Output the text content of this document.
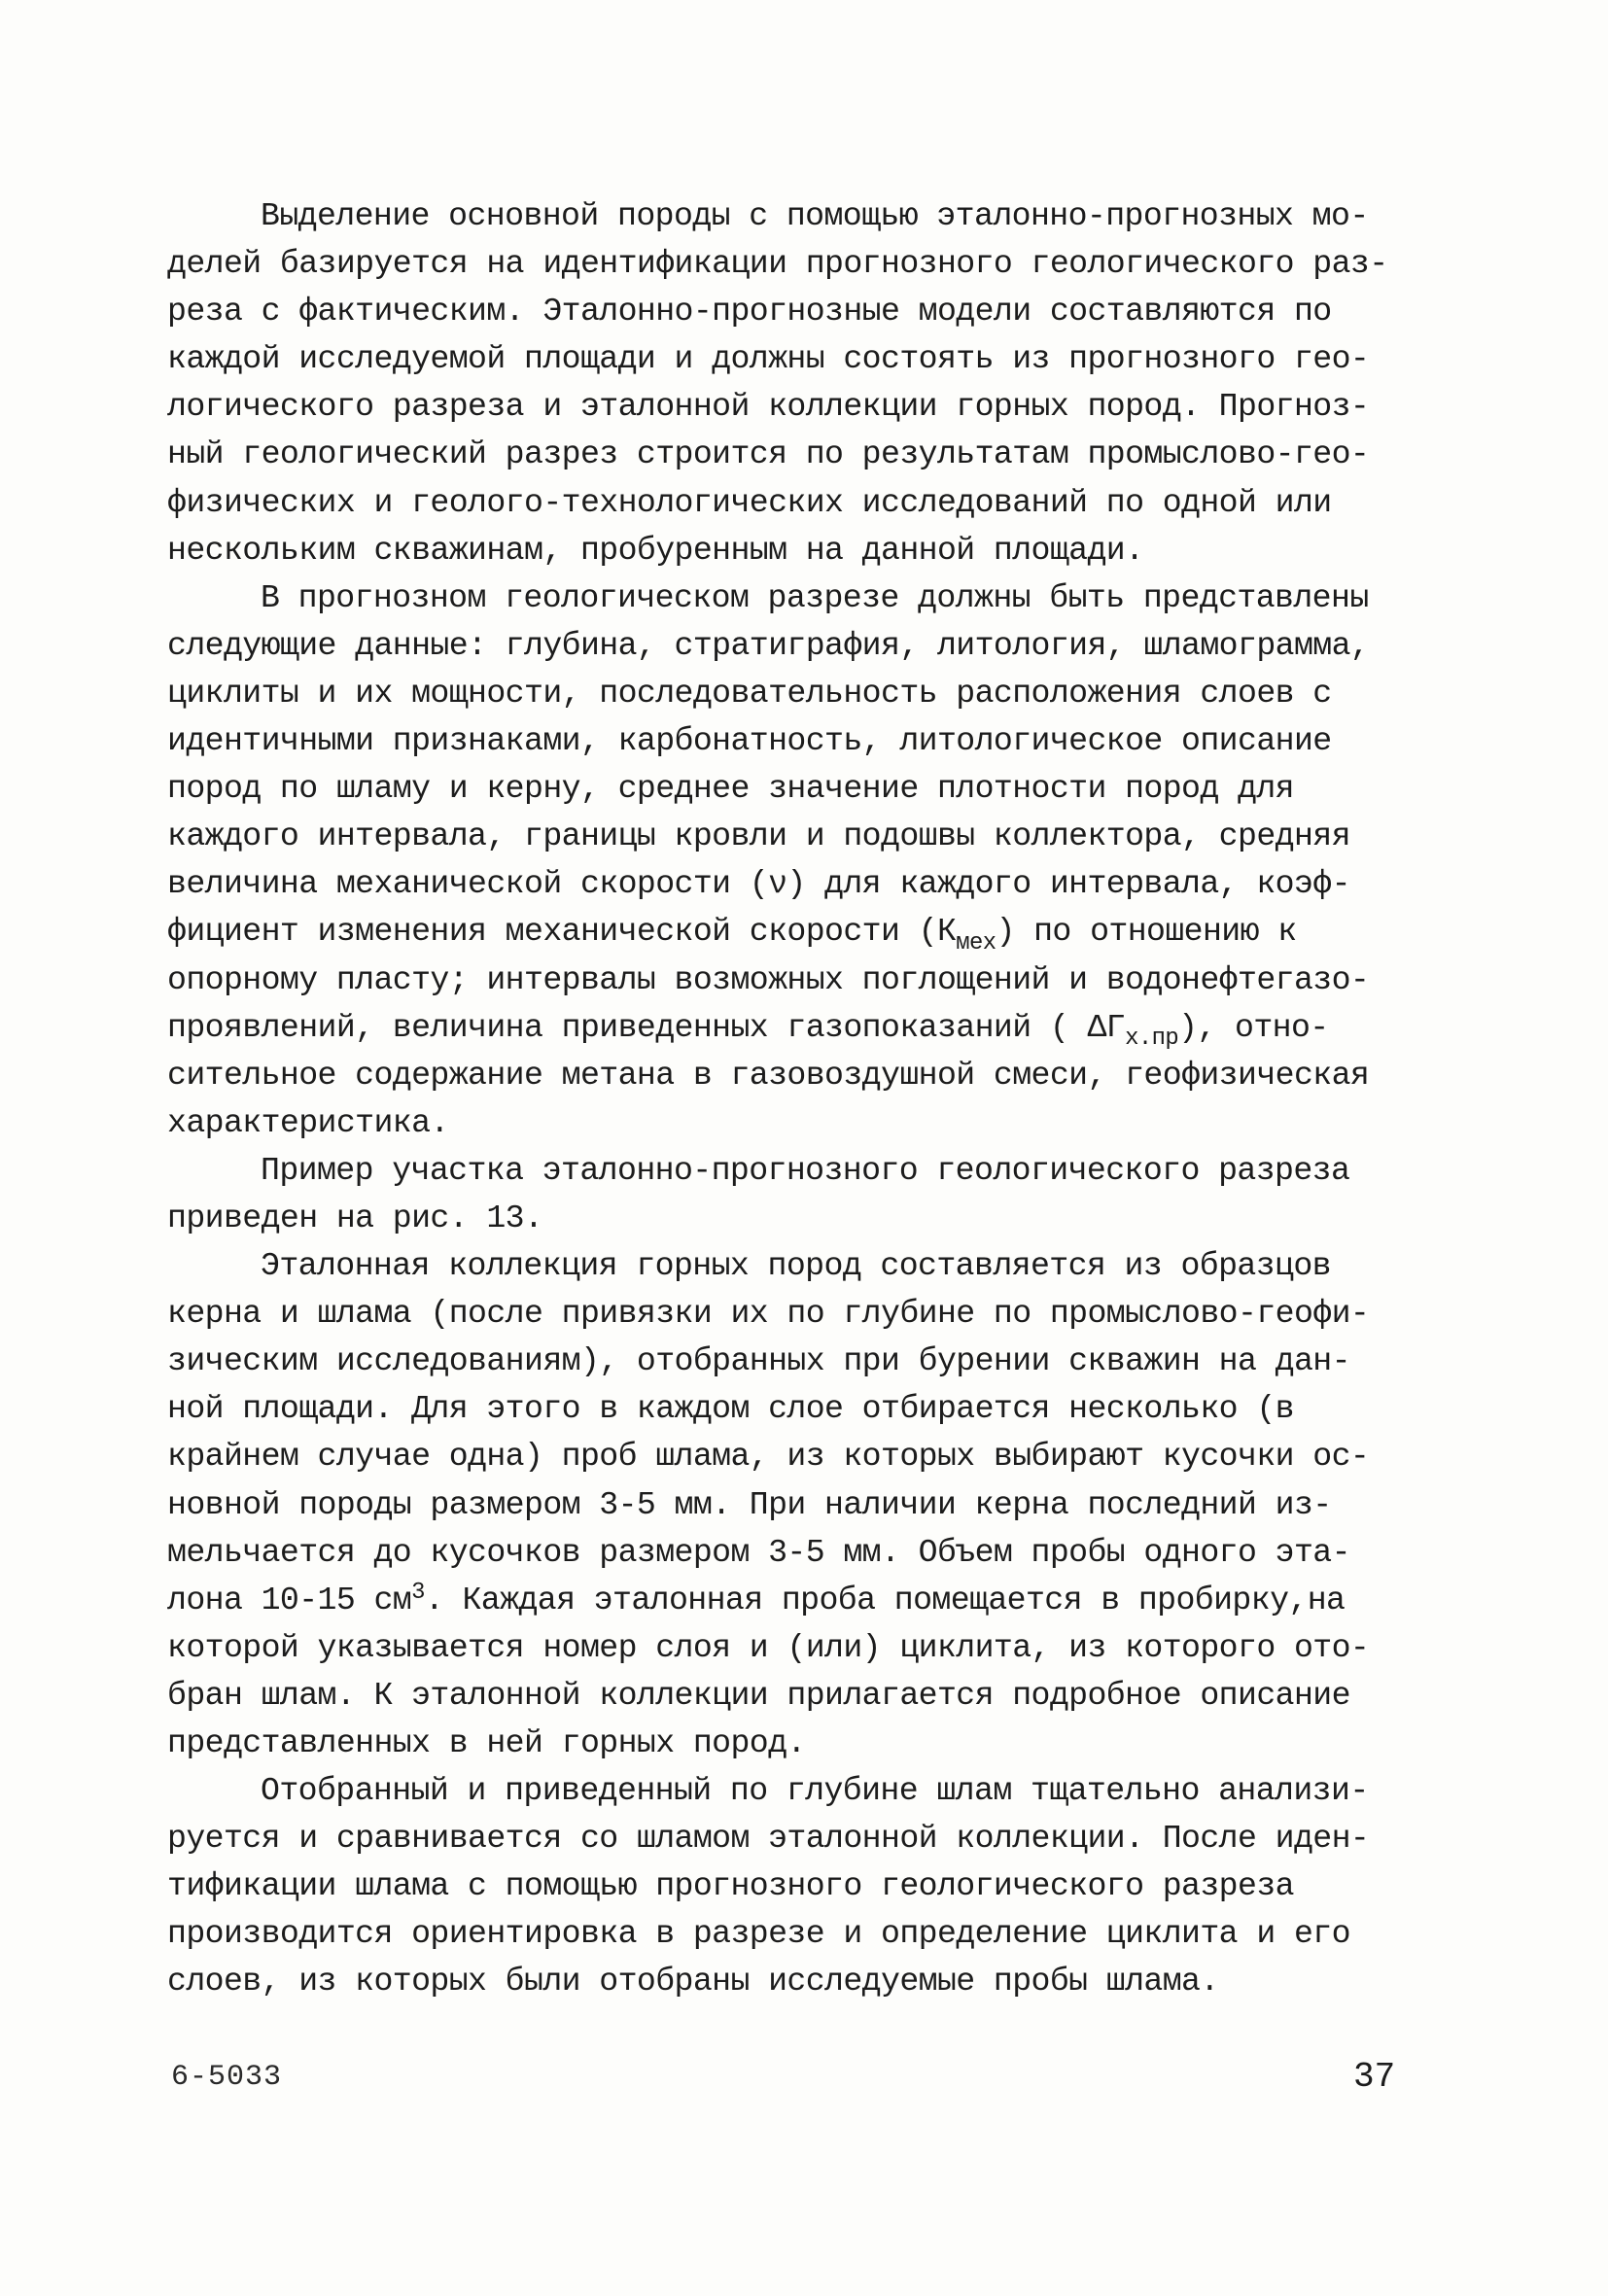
Выделение основной породы с помощью эталонно-прогнозных мо-
делей базируется на идентификации прогнозного геологического раз-
реза с фактическим. Эталонно-прогнозные модели составляются по
каждой исследуемой площади и должны состоять из прогнозного гео-
логического разреза и эталонной коллекции горных пород. Прогноз-
ный геологический разрез строится по результатам промыслово-гео-
физических и геолого-технологических исследований по одной или
нескольким скважинам, пробуренным на данной площади.
В прогнозном геологическом разрезе должны быть представлены
следующие данные: глубина, стратиграфия, литология, шламограмма,
циклиты и их мощности, последовательность расположения слоев с
идентичными признаками, карбонатность, литологическое описание
пород по шламу и керну, среднее значение плотности пород для
каждого интервала, границы кровли и подошвы коллектора, средняя
величина механической скорости (ν) для каждого интервала, коэф-
фициент изменения механической скорости $(К_{мех})$ по отношению к
опорному пласту; интервалы возможных поглощений и водонефтегазо-
проявлений, величина приведенных газопоказаний ( $\Delta Г_{х.пр}$), отно-
сительное содержание метана в газовоздушной смеси, геофизическая
характеристика.
Пример участка эталонно-прогнозного геологического разреза
приведен на рис. 13.
Эталонная коллекция горных пород составляется из образцов
керна и шлама (после привязки их по глубине по промыслово-геофи-
зическим исследованиям), отобранных при бурении скважин на дан-
ной площади. Для этого в каждом слое отбирается несколько (в
крайнем случае одна) проб шлама, из которых выбирают кусочки ос-
новной породы размером 3-5 мм. При наличии керна последний из-
мельчается до кусочков размером 3-5 мм. Объем пробы одного эта-
лона 10-15 $см^3$. Каждая эталонная проба помещается в пробирку,на
которой указывается номер слоя и (или) циклита, из которого ото-
бран шлам. К эталонной коллекции прилагается подробное описание
представленных в ней горных пород.
Отобранный и приведенный по глубине шлам тщательно анализи-
руется и сравнивается со шламом эталонной коллекции. После иден-
тификации шлама с помощью прогнозного геологического разреза
производится ориентировка в разрезе и определение циклита и его
слоев, из которых были отобраны исследуемые пробы шлама.
6-5033	37
